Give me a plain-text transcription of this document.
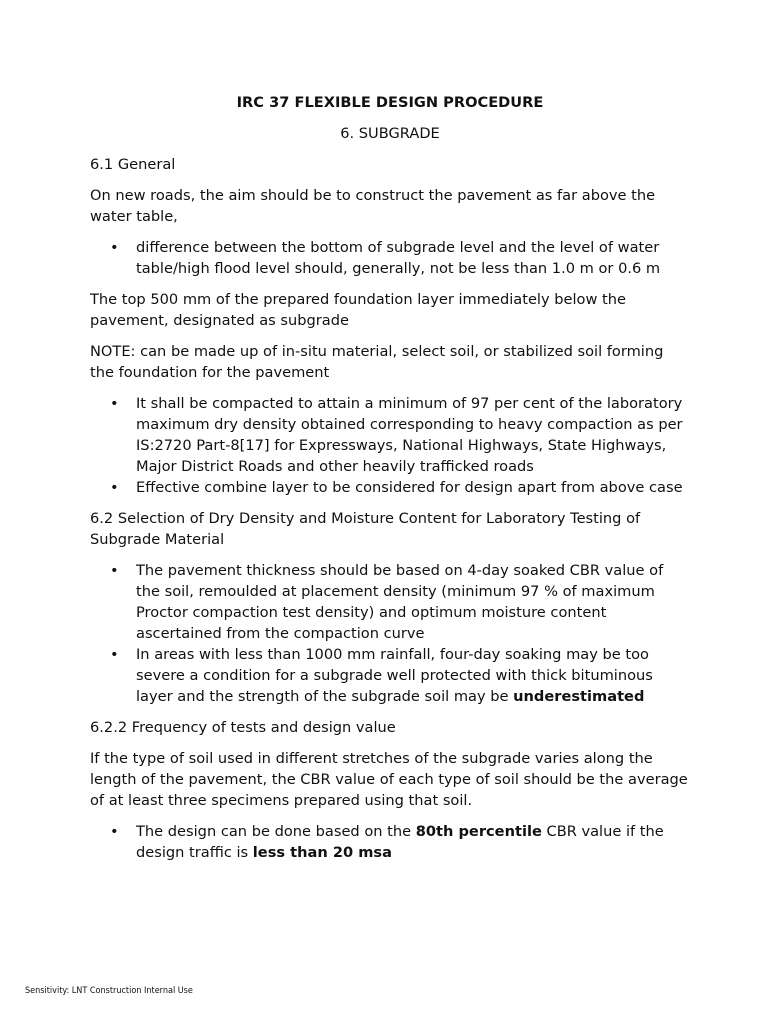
IRC 37 FLEXIBLE DESIGN PROCEDURE
6. SUBGRADE

6.1 General

On new roads, the aim should be to construct the pavement as far above the water table,

• difference between the bottom of subgrade level and the level of water table/high flood level should, generally, not be less than 1.0 m or 0.6 m

The top 500 mm of the prepared foundation layer immediately below the pavement, designated as subgrade

NOTE: can be made up of in-situ material, select soil, or stabilized soil forming the foundation for the pavement

• It shall be compacted to attain a minimum of 97 per cent of the laboratory maximum dry density obtained corresponding to heavy compaction as per IS:2720 Part-8[17] for Expressways, National Highways, State Highways, Major District Roads and other heavily trafficked roads
• Effective combine layer to be considered for design apart from above case

6.2 Selection of Dry Density and Moisture Content for Laboratory Testing of Subgrade Material

• The pavement thickness should be based on 4-day soaked CBR value of the soil, remoulded at placement density (minimum 97 % of maximum Proctor compaction test density) and optimum moisture content ascertained from the compaction curve
• In areas with less than 1000 mm rainfall, four-day soaking may be too severe a condition for a subgrade well protected with thick bituminous layer and the strength of the subgrade soil may be underestimated

6.2.2 Frequency of tests and design value

If the type of soil used in different stretches of the subgrade varies along the length of the pavement, the CBR value of each type of soil should be the average of at least three specimens prepared using that soil.

• The design can be done based on the 80th percentile CBR value if the design traffic is less than 20 msa
Sensitivity: LNT Construction Internal Use
